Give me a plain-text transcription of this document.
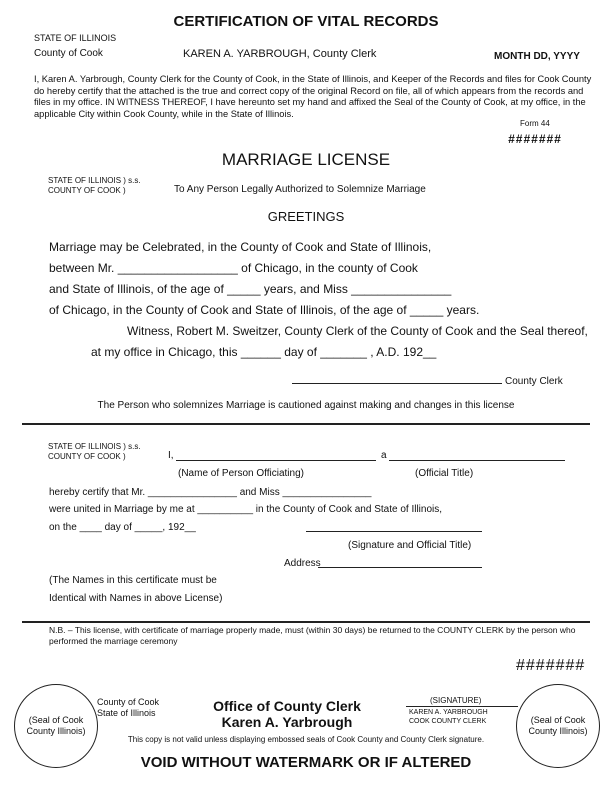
CERTIFICATION OF VITAL RECORDS
STATE OF ILLINOIS
County of Cook	KAREN A. YARBROUGH, County Clerk	MONTH DD, YYYY
I, Karen A. Yarbrough, County Clerk for the County of Cook, in the State of Illinois, and Keeper of the Records and files for Cook County
do hereby certify that the attached is the true and correct copy of the original Record on file, all of which appears from the records and
files in my office. IN WITNESS THEREOF, I have hereunto set my hand and affixed the Seal of the County of Cook, at my office, in the
applicable City within Cook County, while in the State of Illinois.
Form 44
#######
MARRIAGE LICENSE
STATE OF ILLINOIS ) s.s.
COUNTY OF COOK )	To Any Person Legally Authorized to Solemnize Marriage
GREETINGS
Marriage may be Celebrated, in the County of Cook and State of Illinois,
between Mr. __________________ of Chicago, in the county of Cook
and State of Illinois, of the age of _____ years, and Miss _______________
of Chicago, in the County of Cook and State of Illinois, of the age of _____ years.
Witness, Robert M. Sweitzer, County Clerk of the County of Cook and the Seal thereof,
at my office in Chicago, this ______ day of _______ , A.D. 192__
County Clerk
The Person who solemnizes Marriage is cautioned against making and changes in this license
STATE OF ILLINOIS ) s.s.
COUNTY OF COOK )	I,	a
(Name of Person Officiating)	(Official Title)
hereby certify that Mr. ________________ and Miss ________________
were united in Marriage by me at __________ in the County of Cook and State of Illinois,
on the ____ day of _____, 192__
(Signature and Official Title)
Address
(The Names in this certificate must be
Identical with Names in above License)
N.B. – This license, with certificate of marriage properly made, must (within 30 days) be returned to the COUNTY CLERK by the person who
performed the marriage ceremony
#######
(Seal of Cook
County Illinois)
County of Cook
State of Illinois	Office of County Clerk
Karen A. Yarbrough
(SIGNATURE)
KAREN A. YARBROUGH
COOK COUNTY CLERK	(Seal of Cook
County Illinois)
This copy is not valid unless displaying embossed seals of Cook County and County Clerk signature.
VOID WITHOUT WATERMARK OR IF ALTERED
